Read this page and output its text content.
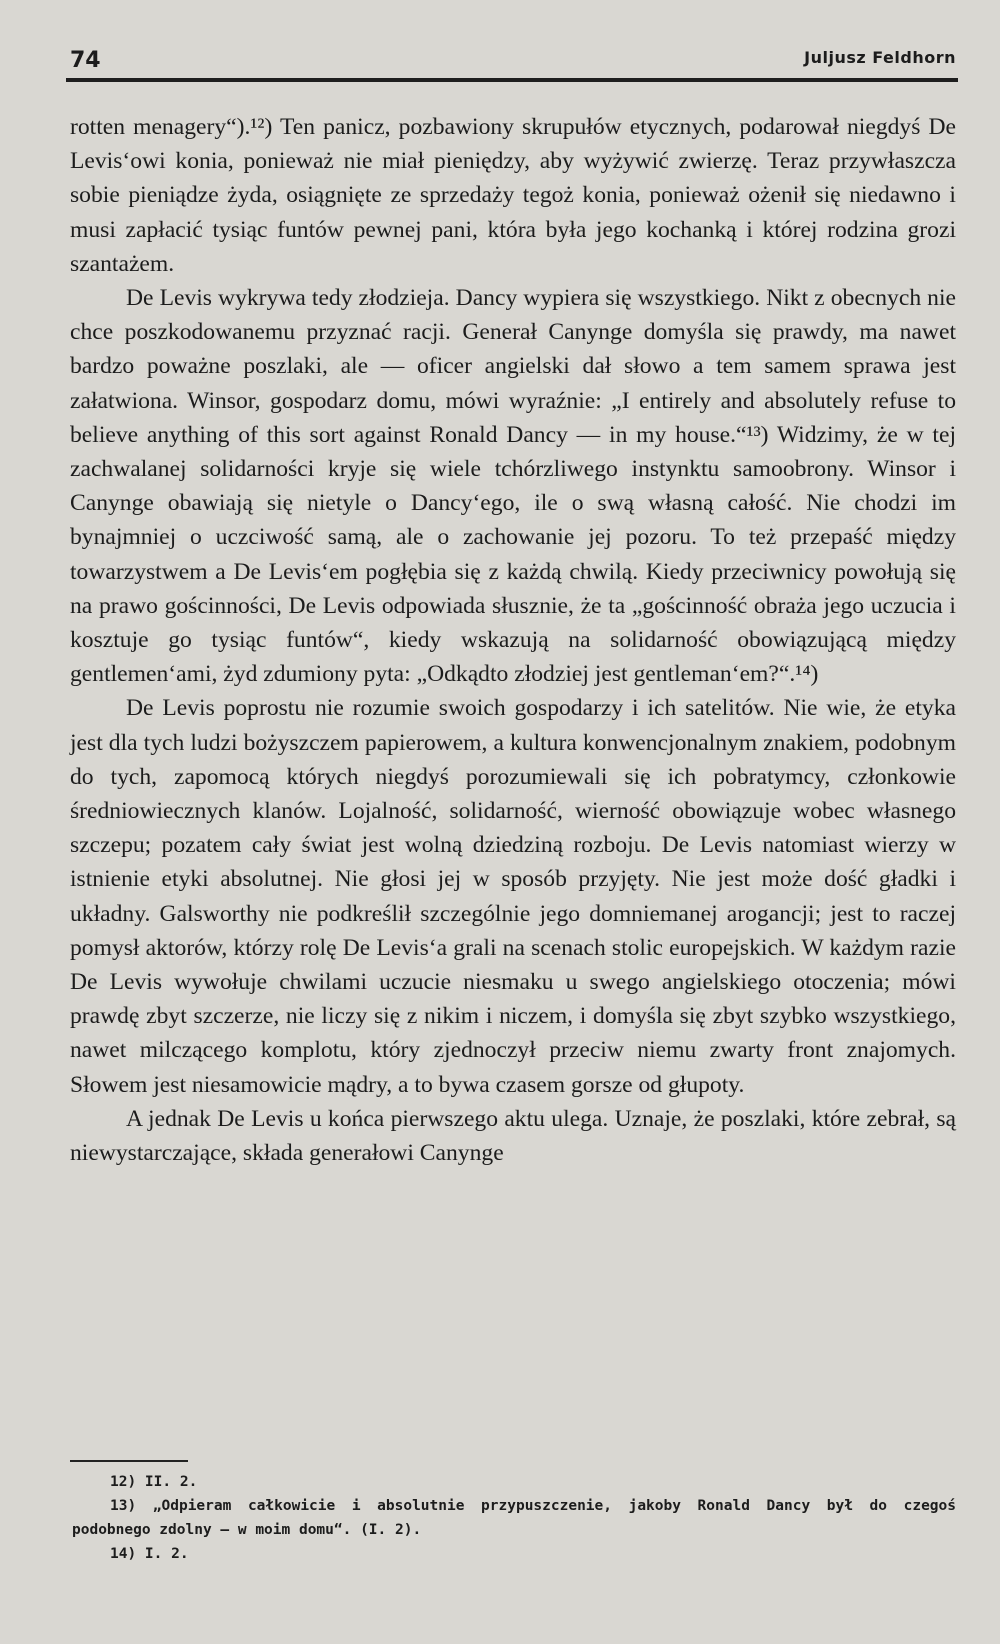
74	Juljusz Feldhorn

rotten menagery“).¹²) Ten panicz, pozbawiony skrupułów etycznych, podarował niegdyś De Levis‘owi konia, ponieważ nie miał pieniędzy, aby wyżywić zwierzę. Teraz przywłaszcza sobie pieniądze żyda, osiągnięte ze sprzedaży tegoż konia, ponieważ ożenił się niedawno i musi zapłacić tysiąc funtów pewnej pani, która była jego kochanką i której rodzina grozi szantażem.

De Levis wykrywa tedy złodzieja. Dancy wypiera się wszystkiego. Nikt z obecnych nie chce poszkodowanemu przyznać racji. Generał Canynge domyśla się prawdy, ma nawet bardzo poważne poszlaki, ale — oficer angielski dał słowo a tem samem sprawa jest załatwiona. Winsor, gospodarz domu, mówi wyraźnie: „I entirely and absolutely refuse to believe anything of this sort against Ronald Dancy — in my house.“¹³) Widzimy, że w tej zachwalanej solidarności kryje się wiele tchórzliwego instynktu samoobrony. Winsor i Canynge obawiają się nietyle o Dancy‘ego, ile o swą własną całość. Nie chodzi im bynajmniej o uczciwość samą, ale o zachowanie jej pozoru. To też przepaść między towarzystwem a De Levis‘em pogłębia się z każdą chwilą. Kiedy przeciwnicy powołują się na prawo gościnności, De Levis odpowiada słusznie, że ta „gościnność obraża jego uczucia i kosztuje go tysiąc funtów“, kiedy wskazują na solidarność obowiązującą między gentlemen‘ami, żyd zdumiony pyta: „Odkądto złodziej jest gentleman‘em?“.¹⁴)

De Levis poprostu nie rozumie swoich gospodarzy i ich satelitów. Nie wie, że etyka jest dla tych ludzi bożyszczem papierowem, a kultura konwencjonalnym znakiem, podobnym do tych, zapomocą których niegdyś porozumiewali się ich pobratymcy, członkowie średniowiecznych klanów. Lojalność, solidarność, wierność obowiązuje wobec własnego szczepu; pozatem cały świat jest wolną dziedziną rozboju. De Levis natomiast wierzy w istnienie etyki absolutnej. Nie głosi jej w sposób przyjęty. Nie jest może dość gładki i układny. Galsworthy nie podkreślił szczególnie jego domniemanej arogancji; jest to raczej pomysł aktorów, którzy rolę De Levis‘a grali na scenach stolic europejskich. W każdym razie De Levis wywołuje chwilami uczucie niesmaku u swego angielskiego otoczenia; mówi prawdę zbyt szczerze, nie liczy się z nikim i niczem, i domyśla się zbyt szybko wszystkiego, nawet milczącego komplotu, który zjednoczył przeciw niemu zwarty front znajomych. Słowem jest niesamowicie mądry, a to bywa czasem gorsze od głupoty.

A jednak De Levis u końca pierwszego aktu ulega. Uznaje, że poszlaki, które zebrał, są niewystarczające, składa generałowi Canynge

12) II. 2.

13) „Odpieram całkowicie i absolutnie przypuszczenie, jakoby Ronald Dancy był do czegoś podobnego zdolny — w moim domu“. (I. 2).

14) I. 2.
